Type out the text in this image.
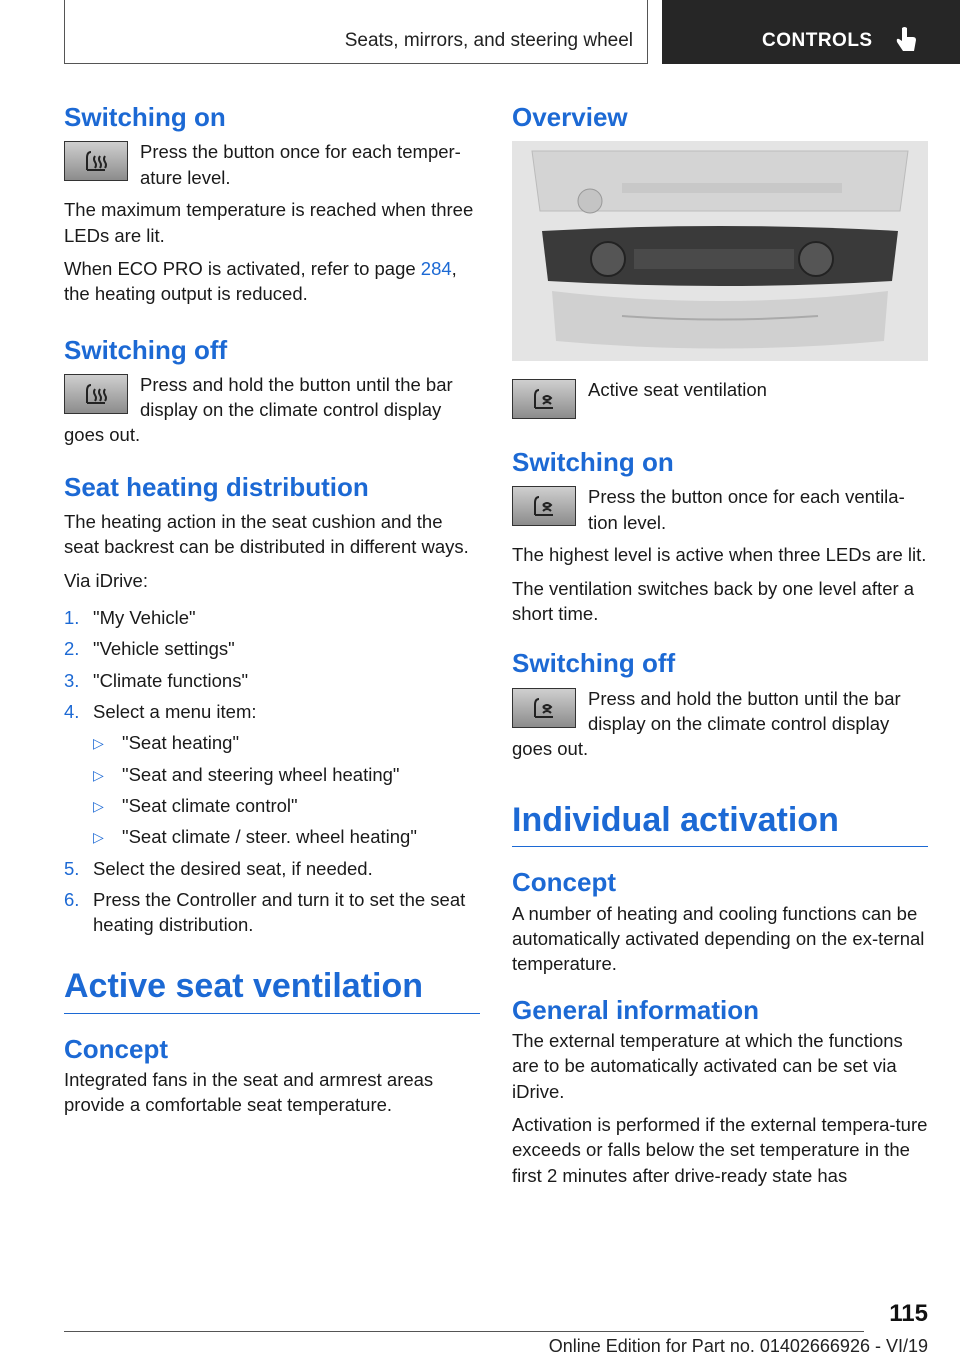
Seats, mirrors, and steering wheel	CONTROLS
Switching on

Press the button once for each temper-ature level.

The maximum temperature is reached when three LEDs are lit.

When ECO PRO is activated, refer to page 284, the heating output is reduced.

Switching off

Press and hold the button until the bar display on the climate control display goes out.

Seat heating distribution

The heating action in the seat cushion and the seat backrest can be distributed in different ways.

Via iDrive:

1. "My Vehicle"
2. "Vehicle settings"
3. "Climate functions"
4. Select a menu item:
▷ "Seat heating"
▷ "Seat and steering wheel heating"
▷ "Seat climate control"
▷ "Seat climate / steer. wheel heating"
5. Select the desired seat, if needed.
6. Press the Controller and turn it to set the seat heating distribution.
Active seat ventilation
Concept

Integrated fans in the seat and armrest areas provide a comfortable seat temperature.

Overview

Active seat ventilation

Switching on

Press the button once for each ventila-tion level.

The highest level is active when three LEDs are lit.

The ventilation switches back by one level after a short time.

Switching off

Press and hold the button until the bar display on the climate control display goes out.

Individual activation
Concept

A number of heating and cooling functions can be automatically activated depending on the ex-ternal temperature.

General information

The external temperature at which the functions are to be automatically activated can be set via iDrive.

Activation is performed if the external tempera-ture exceeds or falls below the set temperature in the first 2 minutes after drive-ready state has

115
Online Edition for Part no. 01402666926 - VI/19
